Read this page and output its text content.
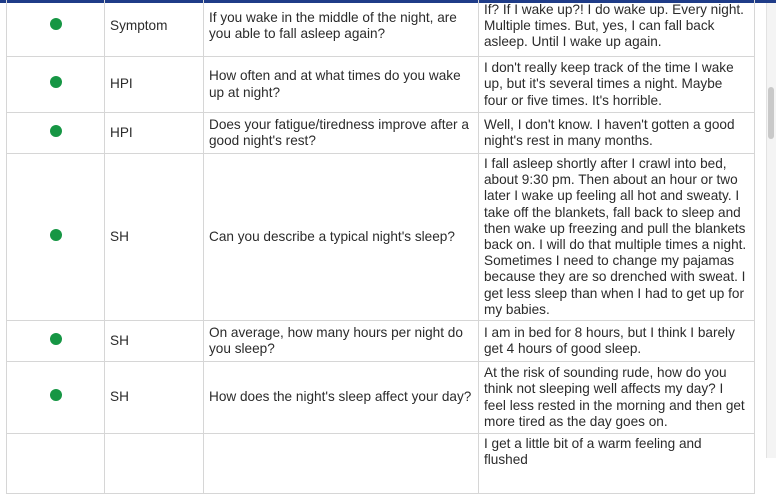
	Symptom	If you wake in the middle of the night, are you able to fall asleep again?	If? If I wake up?! I do wake up. Every night. Multiple times. But, yes, I can fall back asleep. Until I wake up again.
	HPI	How often and at what times do you wake up at night?	I don't really keep track of the time I wake up, but it's several times a night. Maybe four or five times. It's horrible.
	HPI	Does your fatigue/tiredness improve after a good night's rest?	Well, I don't know. I haven't gotten a good night's rest in many months.
	SH	Can you describe a typical night's sleep?	I fall asleep shortly after I crawl into bed, about 9:30 pm. Then about an hour or two later I wake up feeling all hot and sweaty. I take off the blankets, fall back to sleep and then wake up freezing and pull the blankets back on. I will do that multiple times a night. Sometimes I need to change my pajamas because they are so drenched with sweat. I get less sleep than when I had to get up for my babies.
	SH	On average, how many hours per night do you sleep?	I am in bed for 8 hours, but I think I barely get 4 hours of good sleep.
	SH	How does the night's sleep affect your day?	At the risk of sounding rude, how do you think not sleeping well affects my day? I feel less rested in the morning and then get more tired as the day goes on.
			I get a little bit of a warm feeling and flushed
